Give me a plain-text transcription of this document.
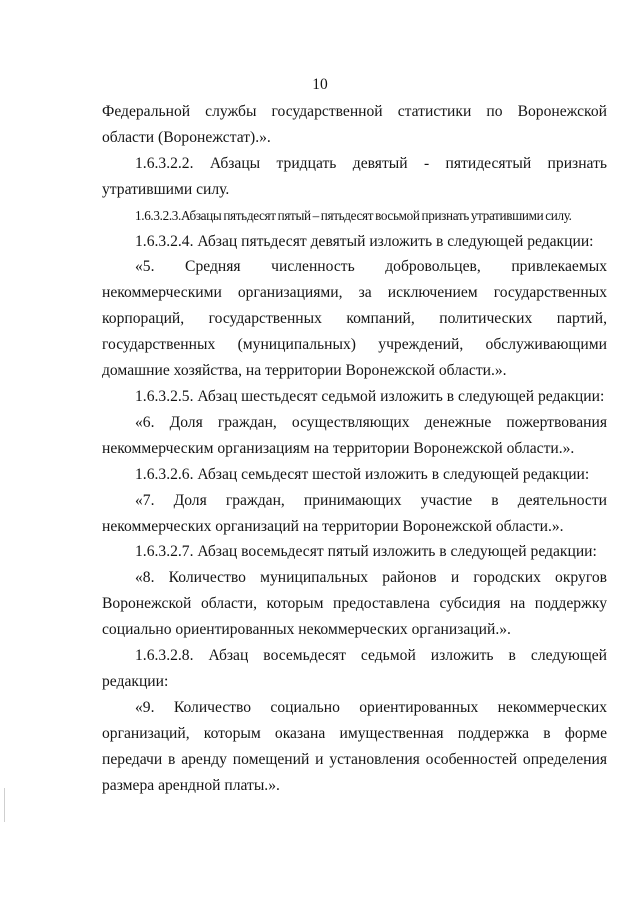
10

Федеральной службы государственной статистики по Воронежской области (Воронежстат).».

1.6.3.2.2. Абзацы тридцать девятый - пятидесятый признать утратившими силу.

1.6.3.2.3.Абзацы пятьдесят пятый – пятьдесят восьмой признать утратившими силу.

1.6.3.2.4. Абзац пятьдесят девятый изложить в следующей редакции:

«5. Средняя численность добровольцев, привлекаемых некоммерческими организациями, за исключением государственных корпораций, государственных компаний, политических партий, государственных (муниципальных) учреждений, обслуживающими домашние хозяйства, на территории Воронежской области.».

1.6.3.2.5. Абзац шестьдесят седьмой изложить в следующей редакции:

«6. Доля граждан, осуществляющих денежные пожертвования некоммерческим организациям на территории Воронежской области.».

1.6.3.2.6. Абзац семьдесят шестой изложить в следующей редакции:

«7. Доля граждан, принимающих участие в деятельности некоммерческих организаций на территории Воронежской области.».

1.6.3.2.7. Абзац восемьдесят пятый изложить в следующей редакции:

«8. Количество муниципальных районов и городских округов Воронежской области, которым предоставлена субсидия на поддержку социально ориентированных некоммерческих организаций.».

1.6.3.2.8. Абзац восемьдесят седьмой изложить в следующей редакции:

«9. Количество социально ориентированных некоммерческих организаций, которым оказана имущественная поддержка в форме передачи в аренду помещений и установления особенностей определения размера арендной платы.».
